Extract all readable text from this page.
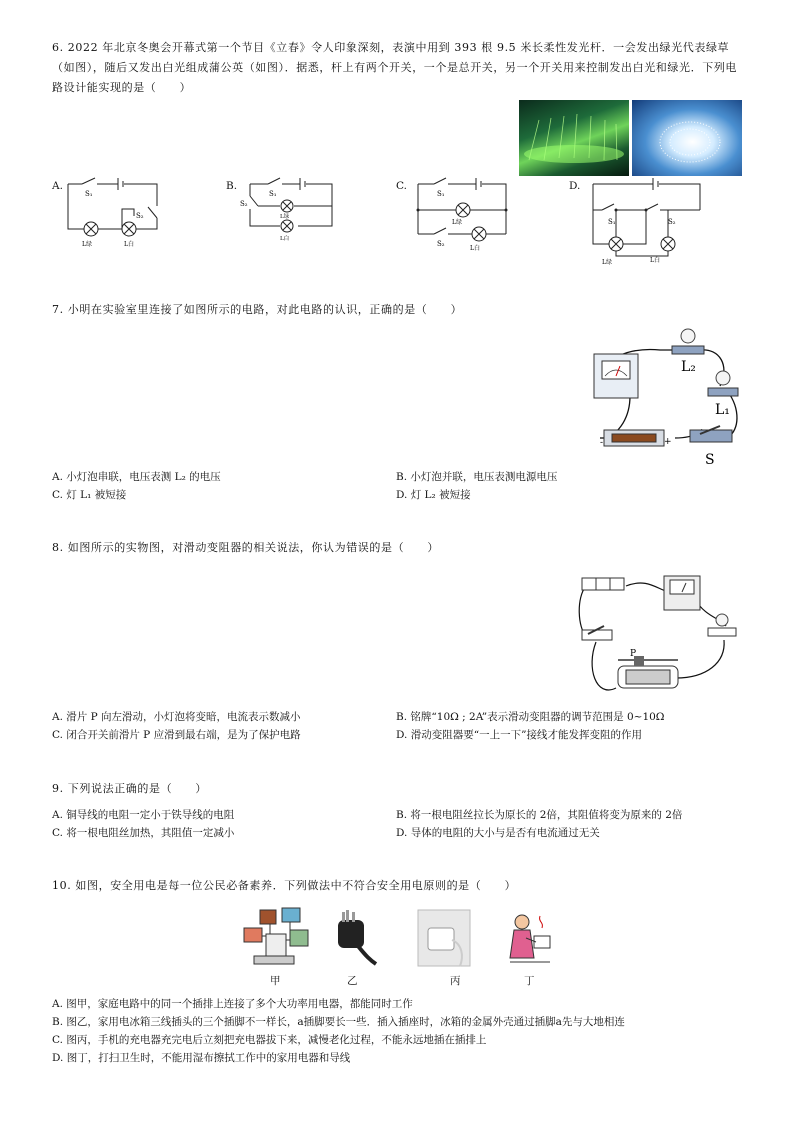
6. 2022 年北京冬奥会开幕式第一个节目《立春》令人印象深刻，表演中用到 393 根 9.5 米长柔性发光杆．一会发出绿光代表绿草（如图），随后又发出白光组成蒲公英（如图）．据悉，杆上有两个开关，一个是总开关，另一个开关用来控制发出白光和绿光．下列电路设计能实现的是（　　）
A.
S₁
S₂
L绿	L白
B.
S₁
S₂
L绿
L白
C.
S₁
S₂
L绿
L白
D.
S₁	S₂
L绿	L白
7. 小明在实验室里连接了如图所示的电路，对此电路的认识，正确的是（　　）
-	+
L₂
L₁
S
A. 小灯泡串联，电压表测 L₂ 的电压	B. 小灯泡并联，电压表测电源电压
C. 灯 L₁ 被短接	D. 灯 L₂ 被短接
8. 如图所示的实物图，对滑动变阻器的相关说法，你认为错误的是（　　）
P
A. 滑片 P 向左滑动，小灯泡将变暗，电流表示数减小	B. 铭牌“10Ω ; 2A”表示滑动变阻器的调节范围是 0~10Ω
C. 闭合开关前滑片 P 应滑到最右端，是为了保护电路	D. 滑动变阻器要“一上一下”接线才能发挥变阻的作用
9. 下列说法正确的是（　　）
A. 铜导线的电阻一定小于铁导线的电阻	B. 将一根电阻丝拉长为原长的 2倍，其阻值将变为原来的 2倍
C. 将一根电阻丝加热，其阻值一定减小	D. 导体的电阻的大小与是否有电流通过无关
10. 如图，安全用电是每一位公民必备素养．下列做法中不符合安全用电原则的是（　　）
甲	乙	丙	丁
A. 图甲，家庭电路中的同一个插排上连接了多个大功率用电器，都能同时工作
B. 图乙，家用电冰箱三线插头的三个插脚不一样长，a插脚要长一些．插入插座时，冰箱的金属外壳通过插脚a先与大地相连
C. 图丙，手机的充电器充完电后立刻把充电器拔下来，减慢老化过程，不能永远地插在插排上
D. 图丁，打扫卫生时，不能用湿布擦拭工作中的家用电器和导线
